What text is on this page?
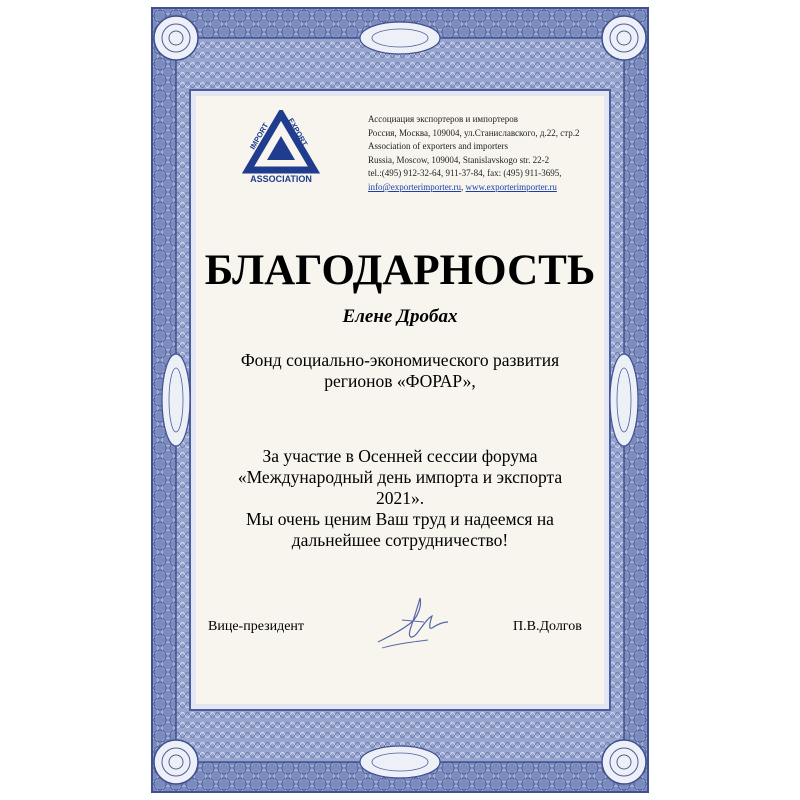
IMPORT EXPORT
ASSOCIATION
Ассоциация экспортеров и импортеров
Россия, Москва, 109004, ул.Станиславского, д.22, стр.2
Association of exporters and importers
Russia, Moscow, 109004, Stanislavskogo str. 22-2
tel.:(495) 912-32-64, 911-37-84, fax: (495) 911-3695,
info@exporterimporter.ru, www.exporterimporter.ru
БЛАГОДАРНОСТЬ
Елене Дробах
Фонд социально-экономического развития
регионов «ФОРАР»,
За участие в Осенней сессии форума
«Международный день импорта и экспорта
2021».
Мы очень ценим Ваш труд и надеемся на
дальнейшее сотрудничество!
Вице-президент	П.В.Долгов
